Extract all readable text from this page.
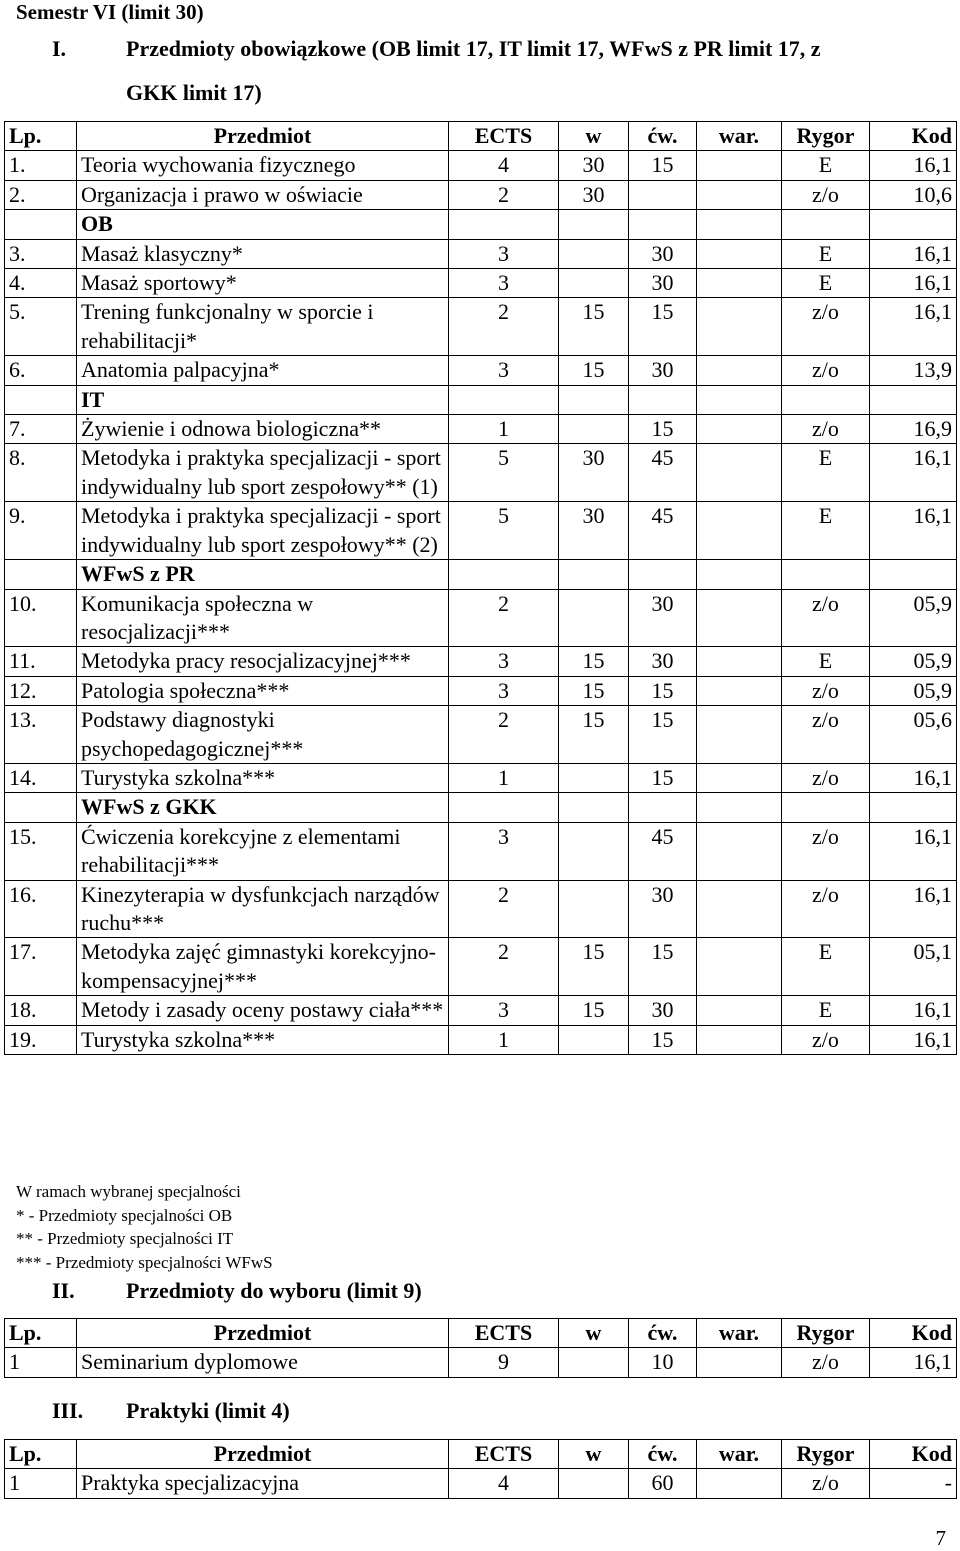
Semestr VI (limit 30)
I.	Przedmioty obowiązkowe (OB limit 17, IT limit 17, WFwS z PR limit 17, z
GKK limit 17)
Lp.	Przedmiot	ECTS	w	ćw.	war.	Rygor	Kod
1.	Teoria wychowania fizycznego	4	30	15		E	16,1
2.	Organizacja i prawo w oświacie	2	30			z/o	10,6
	OB						
3.	Masaż klasyczny*	3		30		E	16,1
4.	Masaż sportowy*	3		30		E	16,1
5.	Trening funkcjonalny w sporcie i rehabilitacji*	2	15	15		z/o	16,1
6.	Anatomia palpacyjna*	3	15	30		z/o	13,9
	IT						
7.	Żywienie i odnowa biologiczna**	1		15		z/o	16,9
8.	Metodyka i praktyka specjalizacji - sport indywidualny lub sport zespołowy** (1)	5	30	45		E	16,1
9.	Metodyka i praktyka specjalizacji - sport indywidualny lub sport zespołowy** (2)	5	30	45		E	16,1
	WFwS z PR						
10.	Komunikacja społeczna w resocjalizacji***	2		30		z/o	05,9
11.	Metodyka pracy resocjalizacyjnej***	3	15	30		E	05,9
12.	Patologia społeczna***	3	15	15		z/o	05,9
13.	Podstawy diagnostyki psychopedagogicznej***	2	15	15		z/o	05,6
14.	Turystyka szkolna***	1		15		z/o	16,1
	WFwS z GKK						
15.	Ćwiczenia korekcyjne z elementami rehabilitacji***	3		45		z/o	16,1
16.	Kinezyterapia w dysfunkcjach narządów ruchu***	2		30		z/o	16,1
17.	Metodyka zajęć gimnastyki korekcyjno-kompensacyjnej***	2	15	15		E	05,1
18.	Metody i zasady oceny postawy ciała***	3	15	30		E	16,1
19.	Turystyka szkolna***	1		15		z/o	16,1
W ramach wybranej specjalności
* - Przedmioty specjalności OB
** - Przedmioty specjalności IT
*** - Przedmioty specjalności WFwS
II. Przedmioty do wyboru (limit 9)
Lp.	Przedmiot	ECTS	w	ćw.	war.	Rygor	Kod
1	Seminarium dyplomowe	9		10		z/o	16,1
III. Praktyki (limit 4)
Lp.	Przedmiot	ECTS	w	ćw.	war.	Rygor	Kod
1	Praktyka specjalizacyjna	4		60		z/o	-
7
